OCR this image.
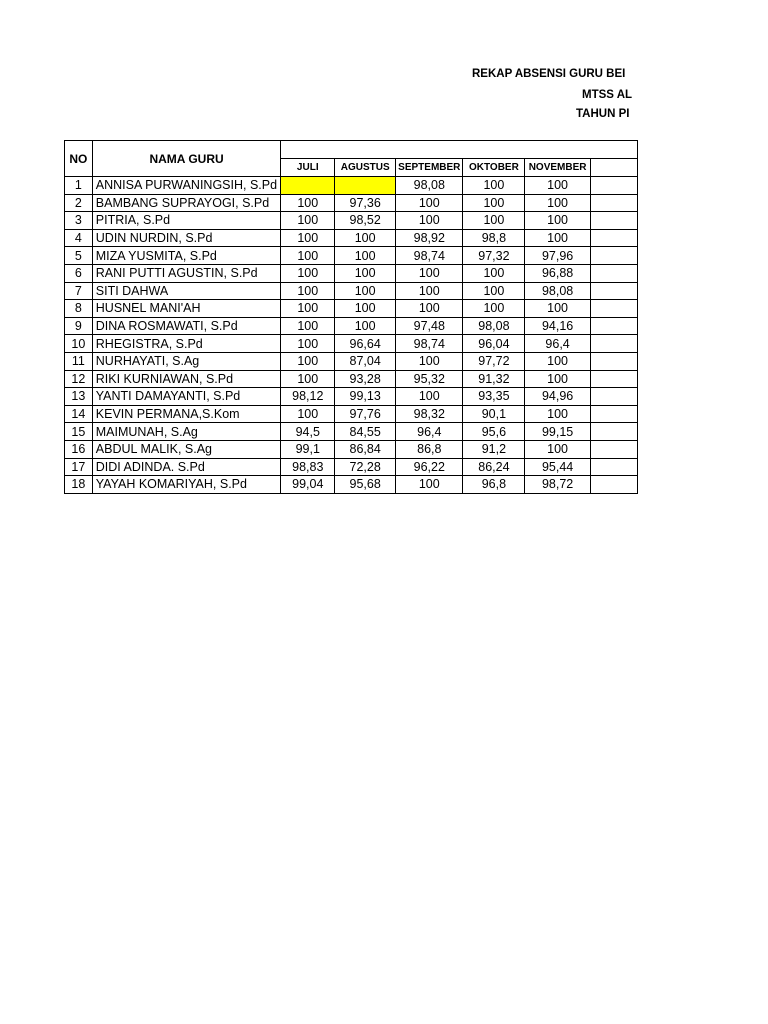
REKAP ABSENSI GURU BEI
MTSS AL
TAHUN PI
NO	NAMA GURU						
		JULI	AGUSTUS	SEPTEMBER	OKTOBER	NOVEMBER	
1	ANNISA PURWANINGSIH, S.Pd			98,08	100	100	
2	BAMBANG SUPRAYOGI, S.Pd	100	97,36	100	100	100	
3	PITRIA, S.Pd	100	98,52	100	100	100	
4	UDIN NURDIN, S.Pd	100	100	98,92	98,8	100	
5	MIZA YUSMITA, S.Pd	100	100	98,74	97,32	97,96	
6	RANI PUTTI AGUSTIN, S.Pd	100	100	100	100	96,88	
7	SITI DAHWA	100	100	100	100	98,08	
8	HUSNEL MANI'AH	100	100	100	100	100	
9	DINA ROSMAWATI, S.Pd	100	100	97,48	98,08	94,16	
10	RHEGISTRA, S.Pd	100	96,64	98,74	96,04	96,4	
11	NURHAYATI, S.Ag	100	87,04	100	97,72	100	
12	RIKI KURNIAWAN, S.Pd	100	93,28	95,32	91,32	100	
13	YANTI DAMAYANTI, S.Pd	98,12	99,13	100	93,35	94,96	
14	KEVIN PERMANA,S.Kom	100	97,76	98,32	90,1	100	
15	MAIMUNAH, S.Ag	94,5	84,55	96,4	95,6	99,15	
16	ABDUL MALIK, S.Ag	99,1	86,84	86,8	91,2	100	
17	DIDI ADINDA. S.Pd	98,83	72,28	96,22	86,24	95,44	
18	YAYAH KOMARIYAH, S.Pd	99,04	95,68	100	96,8	98,72	
